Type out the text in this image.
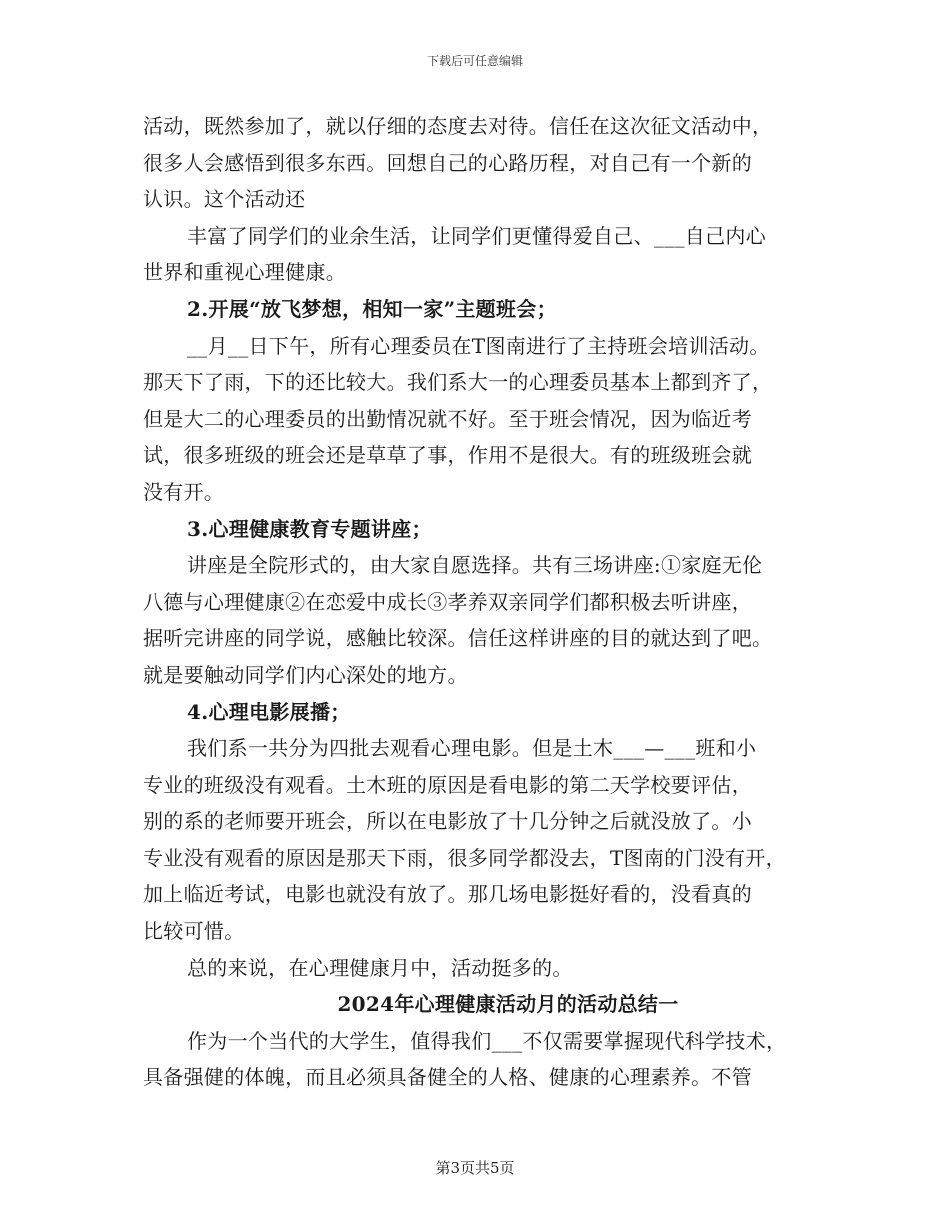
下载后可任意编辑
活动，既然参加了，就以仔细的态度去对待。信任在这次征文活动中，
很多人会感悟到很多东西。回想自己的心路历程，对自己有一个新的
认识。这个活动还
丰富了同学们的业余生活，让同学们更懂得爱自己、___自己内心
世界和重视心理健康。
2.开展“放飞梦想，相知一家”主题班会；
__月__日下午，所有心理委员在T图南进行了主持班会培训活动。
那天下了雨，下的还比较大。我们系大一的心理委员基本上都到齐了，
但是大二的心理委员的出勤情况就不好。至于班会情况，因为临近考
试，很多班级的班会还是草草了事，作用不是很大。有的班级班会就
没有开。
3.心理健康教育专题讲座；
讲座是全院形式的，由大家自愿选择。共有三场讲座:①家庭无伦
八德与心理健康②在恋爱中成长③孝养双亲同学们都积极去听讲座，
据听完讲座的同学说，感触比较深。信任这样讲座的目的就达到了吧。
就是要触动同学们内心深处的地方。
4.心理电影展播；
我们系一共分为四批去观看心理电影。但是土木___—___班和小
专业的班级没有观看。土木班的原因是看电影的第二天学校要评估，
别的系的老师要开班会，所以在电影放了十几分钟之后就没放了。小
专业没有观看的原因是那天下雨，很多同学都没去，T图南的门没有开，
加上临近考试，电影也就没有放了。那几场电影挺好看的，没看真的
比较可惜。
总的来说，在心理健康月中，活动挺多的。
2024年心理健康活动月的活动总结一
作为一个当代的大学生，值得我们___不仅需要掌握现代科学技术，
具备强健的体魄，而且必须具备健全的人格、健康的心理素养。不管
第3页共5页
